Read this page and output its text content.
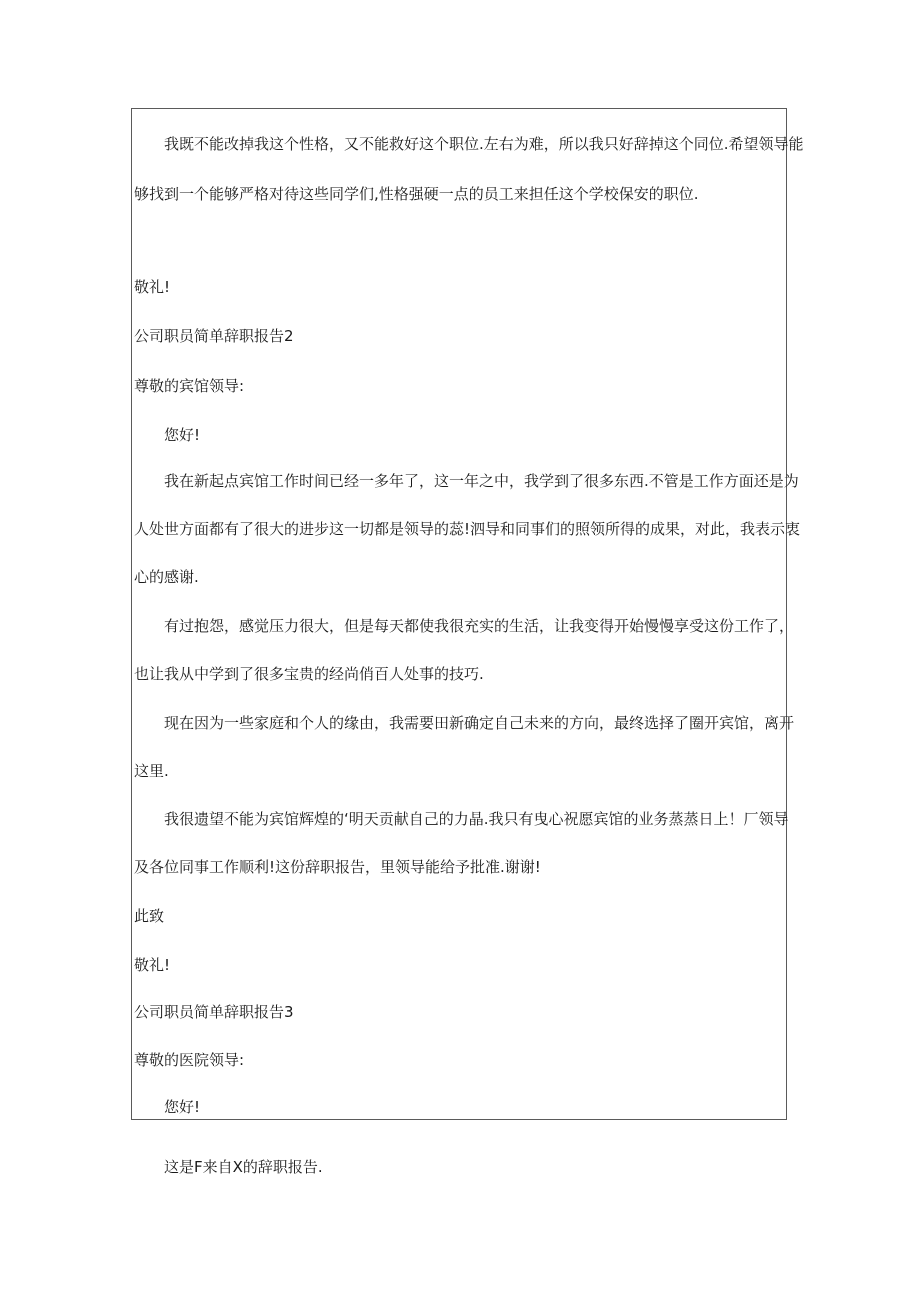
我既不能改掉我这个性格，又不能救好这个职位.左右为难，所以我只好辞掉这个同位.希望领导能
够找到一个能够严格对待这些同学们,性格强硬一点的员工来担任这个学校保安的职位.
敬礼!
公司职员简单辞职报告2
尊敬的宾馆领导:
您好!
我在新起点宾馆工作时间已经一多年了，这一年之中，我学到了很多东西.不管是工作方面还是为
人处世方面都有了很大的进步这一切都是领导的蕊!泗导和同事们的照领所得的成果，对此，我表示衷
心的感谢.
有过抱怨，感觉压力很大，但是每天都使我很充实的生活，让我变得开始慢慢享受这份工作了，
也让我从中学到了很多宝贵的经尚俏百人处事的技巧.
现在因为一些家庭和个人的缘由，我需要田新确定自己未来的方向，最终选择了圈开宾馆，离开
这里.
我很遗望不能为宾馆辉煌的‘明天贡献自己的力晶.我只有曳心祝愿宾馆的业务蒸蒸日上！厂领导
及各位同事工作顺利!这份辞职报告，里领导能给予批准.谢谢!
此致
敬礼!
公司职员简单辞职报告3
尊敬的医院领导:
您好!
这是F来自X的辞职报告.
